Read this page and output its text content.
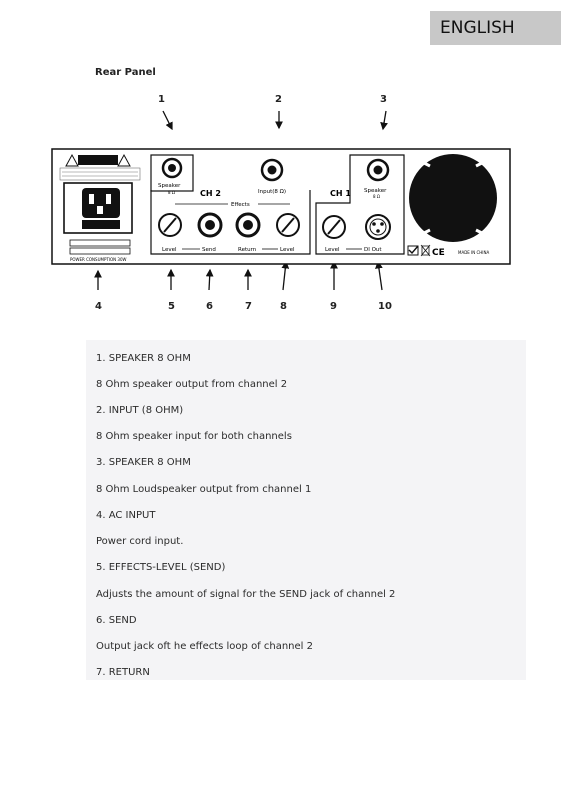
ENGLISH
Rear Panel
1	2	3
4	5	6	7	8	9	10
POWER CONSUMPTION 30W
Speaker
8 Ω	CH 2	Input(8 Ω)
Effects
Level	Send	Return	Level
CH 1 Speaker
8 Ω
Level	DI Out	CE	MADE IN CHINA
1. SPEAKER 8 OHM
8 Ohm speaker output from channel 2
2. INPUT (8 OHM)
8 Ohm speaker input for both channels
3. SPEAKER 8 OHM
8 Ohm Loudspeaker output from channel 1
4. AC INPUT
Power cord input.
5. EFFECTS-LEVEL (SEND)
Adjusts the amount of signal for the SEND jack of channel 2
6. SEND
Output jack oft he effects loop of channel 2
7. RETURN
